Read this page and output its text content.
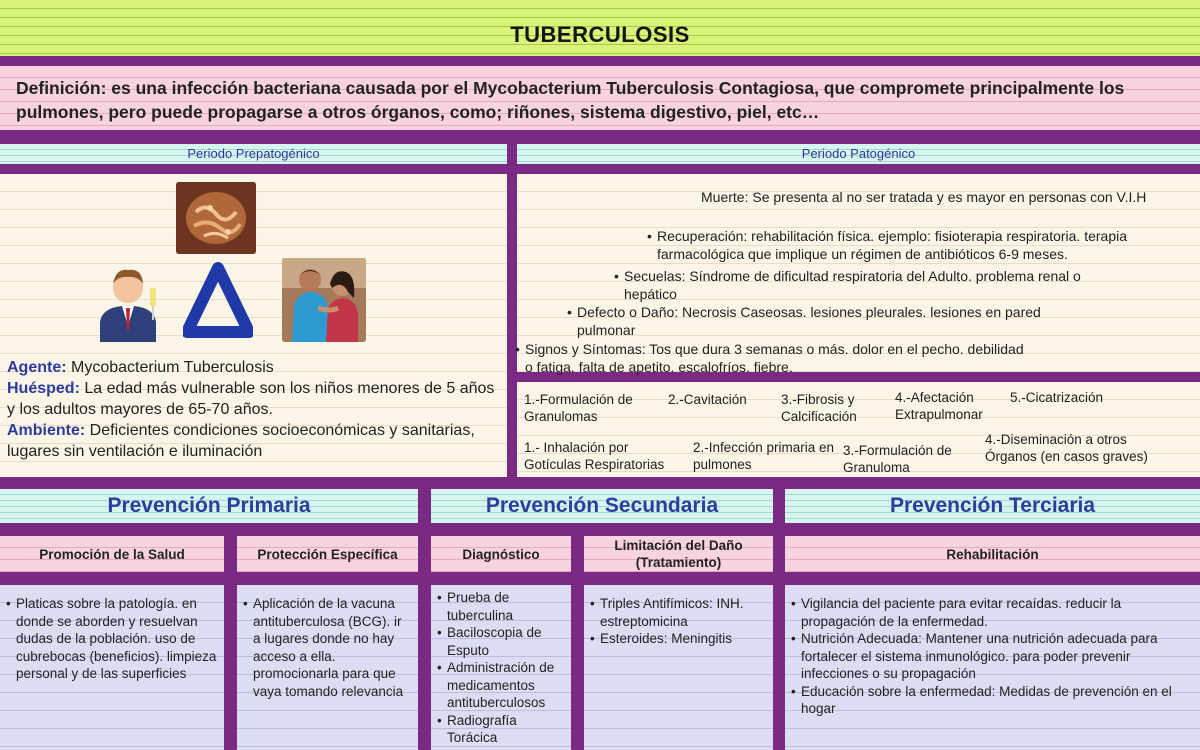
TUBERCULOSIS
Definición: es una infección bacteriana causada por el Mycobacterium Tuberculosis Contagiosa, que compromete principalmente los pulmones, pero puede propagarse a otros órganos, como; riñones, sistema digestivo, piel, etc…
Periodo Prepatogénico	Periodo Patogénico
Agente: Mycobacterium Tuberculosis
Huésped: La edad más vulnerable son los niños menores de 5 años y los adultos mayores de 65-70 años.
Ambiente: Deficientes condiciones socioeconómicas y sanitarias, lugares sin ventilación e iluminación
Muerte: Se presenta al no ser tratada y es mayor en personas con V.I.H
• Recuperación: rehabilitación física. ejemplo: fisioterapia respiratoria. terapia farmacológica que implique un régimen de antibióticos 6-9 meses.
• Secuelas: Síndrome de dificultad respiratoria del Adulto. problema renal o hepático
• Defecto o Daño: Necrosis Caseosas. lesiones pleurales. lesiones en pared pulmonar
• Signos y Síntomas: Tos que dura 3 semanas o más. dolor en el pecho. debilidad o fatiga. falta de apetito. escalofríos. fiebre.
1.-Formulación de Granulomas
2.-Cavitación	3.-Fibrosis y Calcificación
4.-Afectación Extrapulmonar
5.-Cicatrización
1.- Inhalación por Gotículas Respiratorias
2.-Infección primaria en pulmones
3.-Formulación de Granuloma
4.-Diseminación a otros Órganos (en casos graves)
Prevención Primaria	Prevención Secundaria	Prevención Terciaria
Promoción de la Salud	Protección Específica	Diagnóstico
Limitación del Daño (Tratamiento)
Rehabilitación
• Platicas sobre la patología. en donde se aborden y resuelvan dudas de la población. uso de cubrebocas (beneficios). limpieza personal y de las superficies
• Aplicación de la vacuna antituberculosa (BCG). ir a lugares donde no hay acceso a ella. promocionarla para que vaya tomando relevancia
• Prueba de tuberculina
• Baciloscopia de Esputo
• Administración de medicamentos antituberculosos
• Radiografía Torácica
• Triples Antifímicos: INH. estreptomicina
• Esteroides: Meningitis
• Vigilancia del paciente para evitar recaídas. reducir la propagación de la enfermedad.
• Nutrición Adecuada: Mantener una nutrición adecuada para fortalecer el sistema inmunológico. para poder prevenir infecciones o su propagación
• Educación sobre la enfermedad: Medidas de prevención en el hogar
